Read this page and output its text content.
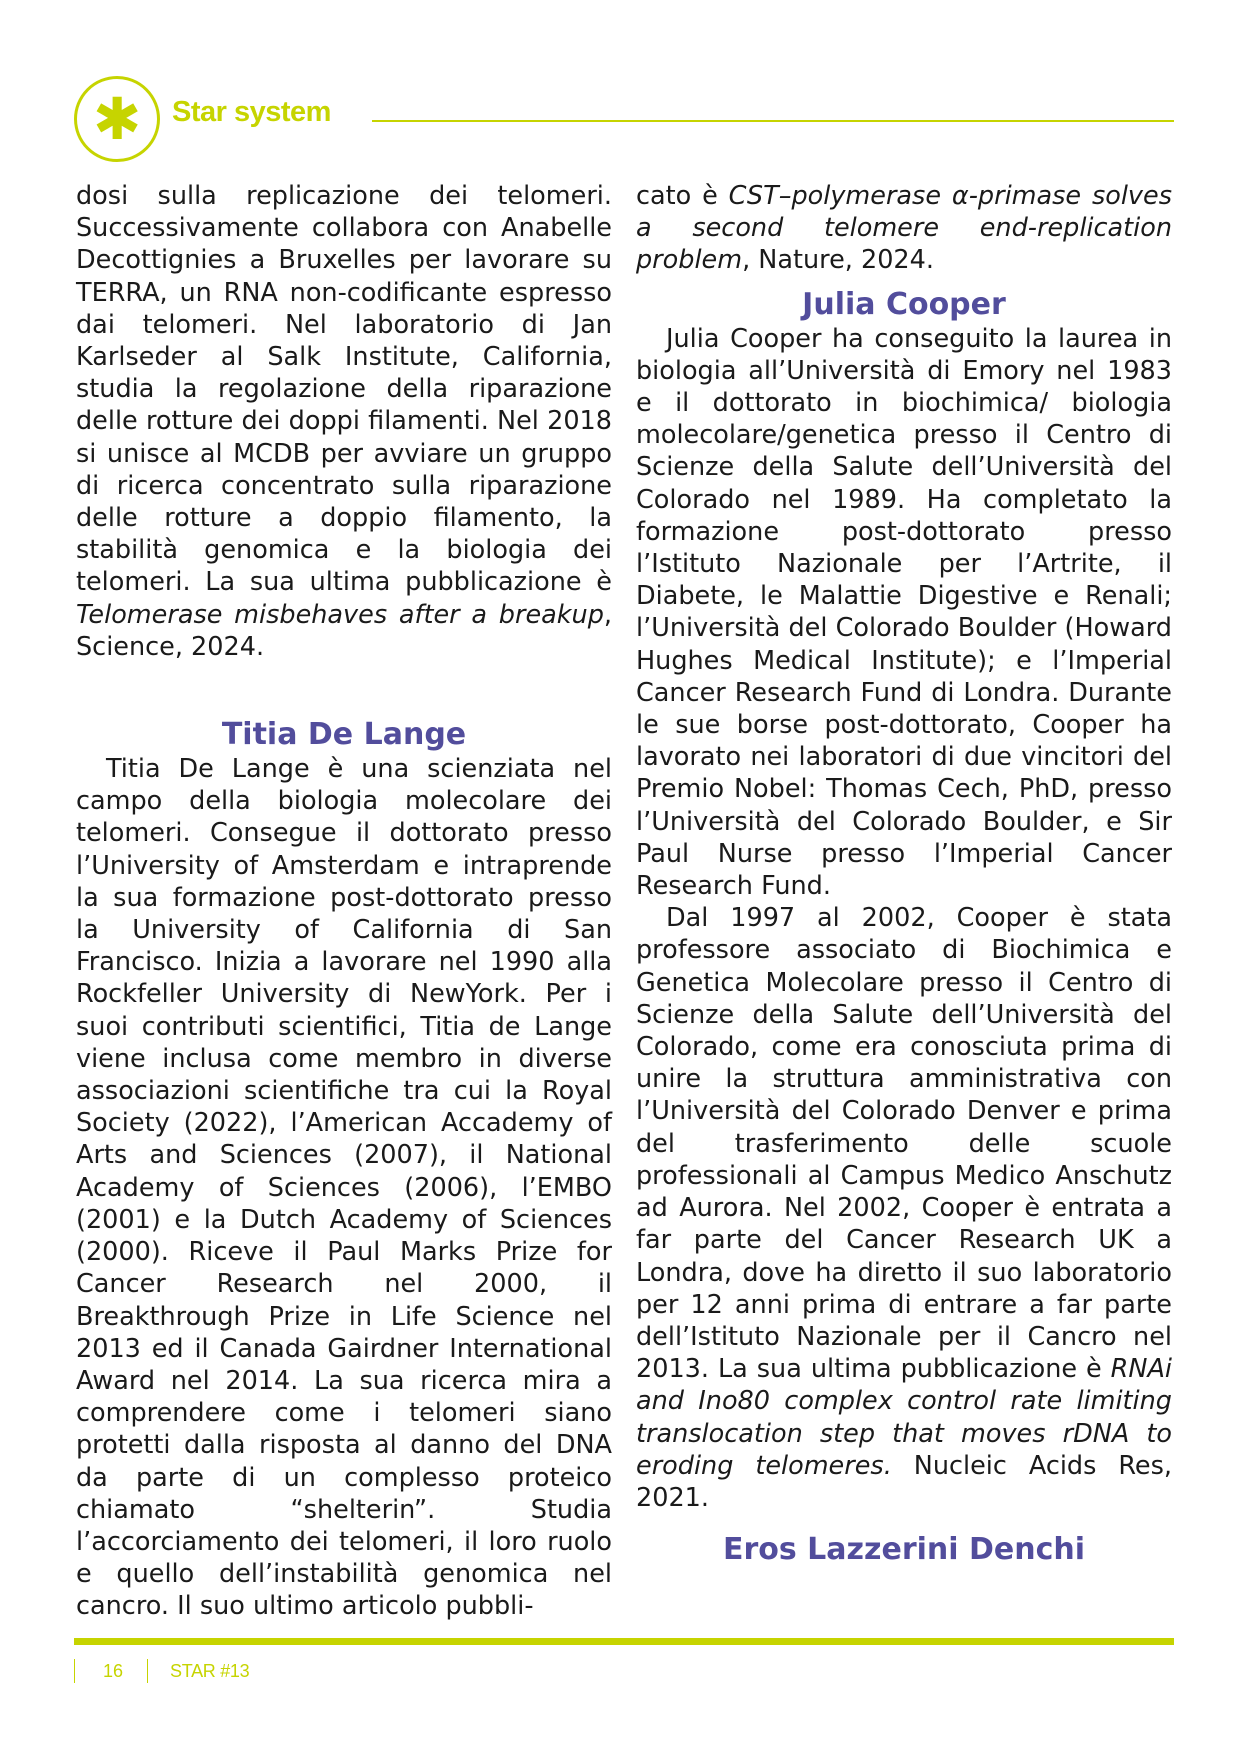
✱ Star system

dosi sulla replicazione dei telomeri. Successivamente collabora con Anabelle Decottignies a Bruxelles per lavorare su TERRA, un RNA non-codificante espresso dai telomeri. Nel laboratorio di Jan Karlseder al Salk Institute, California, studia la regolazione della riparazione delle rotture dei doppi filamenti. Nel 2018 si unisce al MCDB per avviare un gruppo di ricerca concentrato sulla riparazione delle rotture a doppio filamento, la stabilità genomica e la biologia dei telomeri. La sua ultima pubblicazione è Telomerase misbehaves after a breakup, Science, 2024.

Titia De Lange

Titia De Lange è una scienziata nel campo della biologia molecolare dei telomeri. Consegue il dottorato presso l’University of Amsterdam e intraprende la sua formazione post-dottorato presso la University of California di San Francisco. Inizia a lavorare nel 1990 alla Rockfeller University di NewYork. Per i suoi contributi scientifici, Titia de Lange viene inclusa come membro in diverse associazioni scientifiche tra cui la Royal Society (2022), l’American Accademy of Arts and Sciences (2007), il National Academy of Sciences (2006), l’EMBO (2001) e la Dutch Academy of Sciences (2000). Riceve il Paul Marks Prize for Cancer Research nel 2000, il Breakthrough Prize in Life Science nel 2013 ed il Canada Gairdner International Award nel 2014. La sua ricerca mira a comprendere come i telomeri siano protetti dalla risposta al danno del DNA da parte di un complesso proteico chiamato “shelterin”. Studia l’accorciamento dei telomeri, il loro ruolo e quello dell’instabilità genomica nel cancro. Il suo ultimo articolo pubbli-

cato è CST–polymerase α-primase solves a second telomere end-replication problem, Nature, 2024.

Julia Cooper

Julia Cooper ha conseguito la laurea in biologia all’Università di Emory nel 1983 e il dottorato in biochimica/ biologia molecolare/genetica presso il Centro di Scienze della Salute dell’Università del Colorado nel 1989. Ha completato la formazione post-dottorato presso l’Istituto Nazionale per l’Artrite, il Diabete, le Malattie Digestive e Renali; l’Università del Colorado Boulder (Howard Hughes Medical Institute); e l’Imperial Cancer Research Fund di Londra. Durante le sue borse post-dottorato, Cooper ha lavorato nei laboratori di due vincitori del Premio Nobel: Thomas Cech, PhD, presso l’Università del Colorado Boulder, e Sir Paul Nurse presso l’Imperial Cancer Research Fund.

Dal 1997 al 2002, Cooper è stata professore associato di Biochimica e Genetica Molecolare presso il Centro di Scienze della Salute dell’Università del Colorado, come era conosciuta prima di unire la struttura amministrativa con l’Università del Colorado Denver e prima del trasferimento delle scuole professionali al Campus Medico Anschutz ad Aurora. Nel 2002, Cooper è entrata a far parte del Cancer Research UK a Londra, dove ha diretto il suo laboratorio per 12 anni prima di entrare a far parte dell’Istituto Nazionale per il Cancro nel 2013. La sua ultima pubblicazione è RNAi and Ino80 complex control rate limiting translocation step that moves rDNA to eroding telomeres. Nucleic Acids Res, 2021.

Eros Lazzerini Denchi
16	STAR #13
